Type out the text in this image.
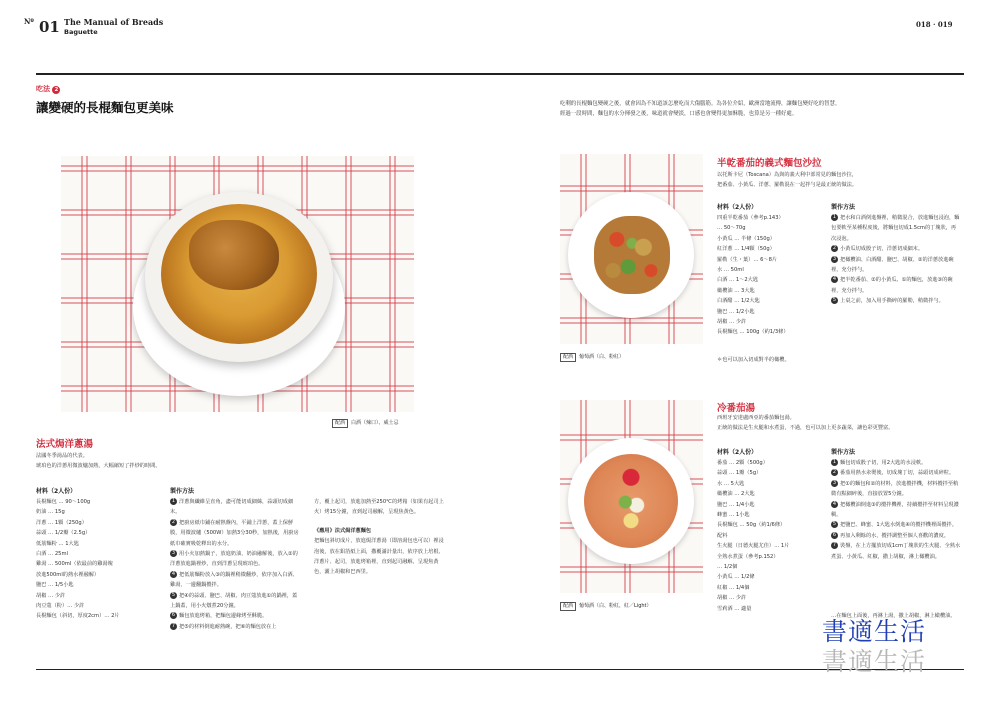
$^{Nº}$ 01 The Manual of Breads
Baguette
018 · 019
吃法 2
讓變硬的長棍麵包更美味
配酒 白酒（辣口）、威士忌
法式焗洋蔥湯
法國冬季湯品的代表。
琥珀色的洋蔥用微波爐加熱，大幅縮短了拌炒的時間。
材料（2人份）
長棍麵包 … 90～100g
奶油 … 15g
洋蔥 … 1顆（250g）
蒜頭 … 1/2瓣（2.5g）
低筋麵粉 … 1大匙
白酒 … 25ml
雞湯 … 500ml（依最前的雞湯塊
放進500ml的熱水裡融解）
鹽巴 … 1/5小匙
胡椒 … 少許
肉豆蔻（粉）… 少許
長棍麵包（斜切，厚度2cm）… 2片
製作方法
1 洋蔥與纖維呈直角，盡可能切成細絲，蒜頭切成細末。
2 把廚房紙巾鋪在耐熱盤內，平鋪上洋蔥，蓋上保鮮膜，用微波爐（500W）加熱3分30秒，加熱後，用廚房紙巾確實吸乾釋出的水分。
3 用小火加熱鍋子，放進奶油，奶油融解後，放入②的洋蔥放進鍋裡炒，直到洋蔥呈現琥珀色。
4 把低筋麵粉放入③的鍋裡稍微翻炒，依序加入白酒、雞湯，一邊翻鍋攪拌。
5 把④的蒜頭、鹽巴、胡椒、肉豆蔻放進①的鍋裡，蓋上鍋蓋，用小火燉煮20分鐘。
6 麵包放進烤箱，把麵包邊緣烤至酥脆。
7 把⑤的材料倒進耐熱碗，把⑥的麵包放在上
方，覆上起司，放進加熱至250℃的烤箱（如果有起司上火）烤15分鐘，直到起司融解，呈現焦黃色。
《應用》法式焗洋蔥麵包
把麵包斜切成片，放進焗洋蔥湯（即溶湯包也可以）裡浸泡後，放在鋁箔紙上面，撒覆滿計量出，依序放上培根、洋蔥片、起司，放進烤箱裡，直到起司融解，呈現焦黃色，灑上胡椒和巴西里。
吃剩的長棍麵包變硬之後，就會因為不知道該怎麼吃而大傷腦筋。為各位介紹，歐洲當地流傳，讓麵包變好吃的智慧。
經過一段時間，麵包的水分揮發之後，味道就會變淡，口感也會變得更加酥脆，也算是另一種好處。
半乾番茄的義式麵包沙拉
以托斯卡尼（Toscana）為與的義大利中部常見的麵包沙拉，
把番茄、小黃瓜、洋蔥、羅勒混在一起拌勻是最正統的做法。
材料（2人份）
四重半乾番茄（參考p.143）
… 50～70g
小黃瓜 … 半條（150g）
紅洋蔥 … 1/4顆（50g）
羅勒（生・葉）… 6～8片
水 … 50ml
白酒 … 1～2大匙
橄欖油 … 3大匙
白酒醋 … 1/2大匙
鹽巴 … 1/2小匙
胡椒 … 少許
長棍麵包 … 100g（約1/3條）
製作方法
1 把水和白酒倒進盤裡，稍微混合，放進麵包浸泡，麵包要軟至某種程度後，將麵包切成1.5cm的丁塊狀，再次浸泡。
2 小黃瓜切成骰子切，洋蔥切成細末。
3 把橄欖油、白酒醋、鹽巴、胡椒、②的洋蔥放進碗裡，充分拌勻。
4 把半乾番茄、②的小黃瓜、①的麵包，放進③的碗裡，充分拌勻。
5 上桌之前，加入用手撕碎的羅勒，稍微拌勻。
＊也可以加入切成對半的橄欖。
配酒 葡萄酒（白、粉紅）
冷番茄湯
西班牙安達盧西亞的番茄麵包湯。
正統的做法是生火腿和水煮蛋，不過，也可以加上更多蔬菜，讓色彩更豐富。
材料（2人份）
番茄 … 2顆（500g）
蒜頭 … 1瓣（5g）
水 … 5大匙
橄欖油 … 2大匙
鹽巴 … 1/4小匙
蜂蜜 … 1小匙
長棍麵包 … 50g（約1/6條）
配料
生火腿（日德火腿尤佳）… 1片
全熟水煮蛋（參考p.152）
… 1/2個
小黃瓜 … 1/2條
紅椒 … 1/4個
胡椒 … 少許
雪莉酒 … 適量
製作方法
1 麵包切成骰子切，用2大匙的水浸軟。
2 番茄用熱水汆燙後，切成塊丁切，蒜頭切成碎粒。
3 把①的麵包和②的材料，放進攪拌機，材料攪拌至稍微有點細碎後，直接放置5分鐘。
4 把橄欖油倒進③的攪拌機裡，持續攪拌至材料呈現濃稠。
5 把鹽巴、蜂蜜、1大匙水倒進④的攪拌機裡面攪拌。
6 再加入剩餘的水，攪拌調整至個人喜歡的濃度。
7 裝盤，在上方擺放切成1cm丁塊狀的生火腿、全熟水煮蛋、小黃瓜、紅椒，撒上胡椒，淋上橄欖油。
配酒 葡萄酒（白、粉紅，紅／Light）
…在麵包上面後，再淋上湯，撒上胡椒，淋上橄欖油。
書適生活
書適生活
